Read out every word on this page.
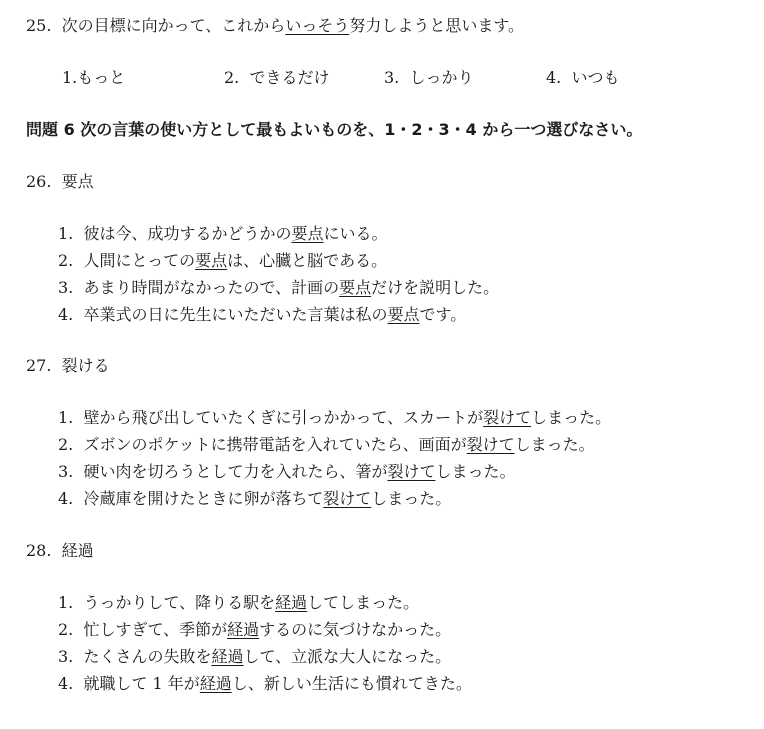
25. 次の目標に向かって、これからいっそう努力しようと思います。
1.もっと	2. できるだけ	3. しっかり	4. いつも
問題 6 次の言葉の使い方として最もよいものを、1・2・3・4 から一つ選びなさい。
26. 要点
1. 彼は今、成功するかどうかの要点にいる。
2. 人間にとっての要点は、心臓と脳である。
3. あまり時間がなかったので、計画の要点だけを説明した。
4. 卒業式の日に先生にいただいた言葉は私の要点です。
27. 裂ける
1. 壁から飛び出していたくぎに引っかかって、スカートが裂けてしまった。
2. ズボンのポケットに携帯電話を入れていたら、画面が裂けてしまった。
3. 硬い肉を切ろうとして力を入れたら、箸が裂けてしまった。
4. 冷蔵庫を開けたときに卵が落ちて裂けてしまった。
28. 経過
1. うっかりして、降りる駅を経過してしまった。
2. 忙しすぎて、季節が経過するのに気づけなかった。
3. たくさんの失敗を経過して、立派な大人になった。
4. 就職して 1 年が経過し、新しい生活にも慣れてきた。
